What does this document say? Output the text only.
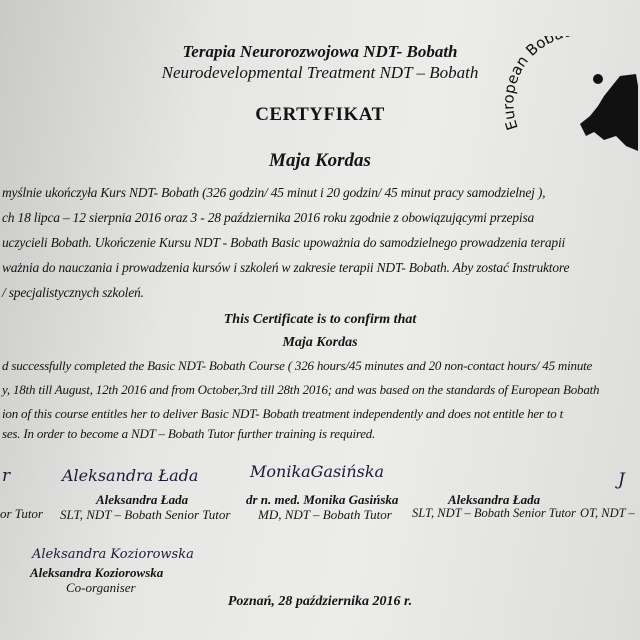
Terapia Neurorozwojowa NDT- Bobath
Neurodevelopmental Treatment NDT – Bobath
CERTYFIKAT
Maja Kordas
European Bob
myślnie ukończyła Kurs NDT- Bobath (326 godzin/ 45 minut i 20 godzin/ 45 minut pracy samodzielnej ),
ch 18 lipca – 12 sierpnia 2016 oraz 3 - 28 października 2016 roku zgodnie z obowiązującymi przepisa
uczycieli Bobath. Ukończenie Kursu NDT - Bobath Basic upoważnia do samodzielnego prowadzenia terapii
ważnia do nauczania i prowadzenia kursów i szkoleń w zakresie terapii NDT- Bobath. Aby zostać Instruktore
/ specjalistycznych szkoleń.
This Certificate is to confirm that
Maja Kordas
d successfully completed the Basic NDT- Bobath Course ( 326 hours/45 minutes and 20 non-contact hours/ 45 minute
y, 18th till August, 12th 2016 and from October,3rd till 28th 2016; and was based on the standards of European Bobath
ion of this course entitles her to deliver Basic NDT- Bobath treatment independently and does not entitle her to t
ses. In order to become a NDT – Bobath Tutor further training is required.
r
or Tutor
Aleksandra Łada
Aleksandra Łada
SLT, NDT – Bobath Senior Tutor
MonikaGasińska
dr n. med. Monika Gasińska
MD, NDT – Bobath Tutor
Aleksandra Łada
SLT, NDT – Bobath Senior Tutor
J
OT, NDT –
Aleksandra Koziorowska
Aleksandra Koziorowska
Co-organiser
Poznań, 28 października 2016 r.
